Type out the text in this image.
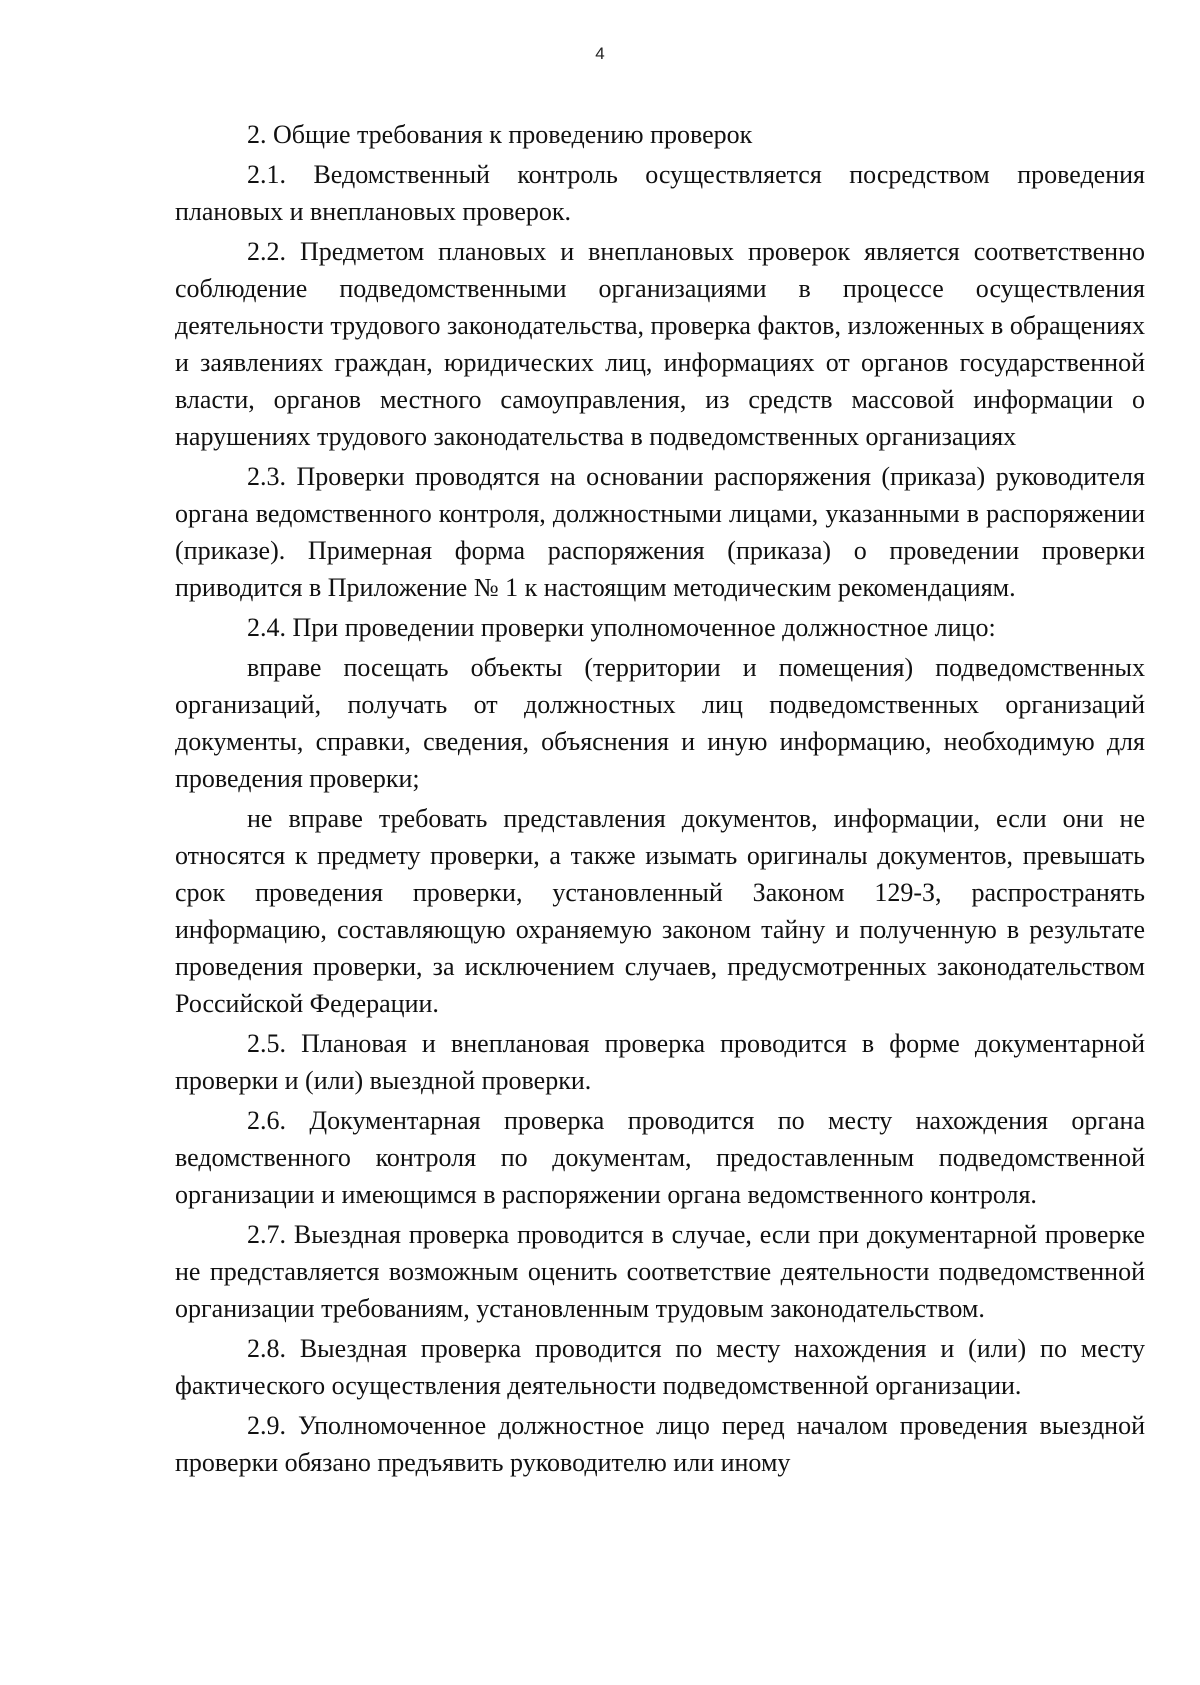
4

2. Общие требования к проведению проверок

2.1. Ведомственный контроль осуществляется посредством проведения плановых и внеплановых проверок.

2.2. Предметом плановых и внеплановых проверок является соответственно соблюдение подведомственными организациями в процессе осуществления деятельности трудового законодательства, проверка фактов, изложенных в обращениях и заявлениях граждан, юридических лиц, информациях от органов государственной власти, органов местного самоуправления, из средств массовой информации о нарушениях трудового законодательства в подведомственных организациях

2.3. Проверки проводятся на основании распоряжения (приказа) руководителя органа ведомственного контроля, должностными лицами, указанными в распоряжении (приказе). Примерная форма распоряжения (приказа) о проведении проверки приводится в Приложение № 1 к настоящим методическим рекомендациям.

2.4. При проведении проверки уполномоченное должностное лицо:

вправе посещать объекты (территории и помещения) подведомственных организаций, получать от должностных лиц подведомственных организаций документы, справки, сведения, объяснения и иную информацию, необходимую для проведения проверки;

не вправе требовать представления документов, информации, если они не относятся к предмету проверки, а также изымать оригиналы документов, превышать срок проведения проверки, установленный Законом 129-З, распространять информацию, составляющую охраняемую законом тайну и полученную в результате проведения проверки, за исключением случаев, предусмотренных законодательством Российской Федерации.

2.5. Плановая и внеплановая проверка проводится в форме документарной проверки и (или) выездной проверки.

2.6. Документарная проверка проводится по месту нахождения органа ведомственного контроля по документам, предоставленным подведомственной организации и имеющимся в распоряжении органа ведомственного контроля.

2.7. Выездная проверка проводится в случае, если при документарной проверке не представляется возможным оценить соответствие деятельности подведомственной организации требованиям, установленным трудовым законодательством.

2.8. Выездная проверка проводится по месту нахождения и (или) по месту фактического осуществления деятельности подведомственной организации.

2.9. Уполномоченное должностное лицо перед началом проведения выездной проверки обязано предъявить руководителю или иному
